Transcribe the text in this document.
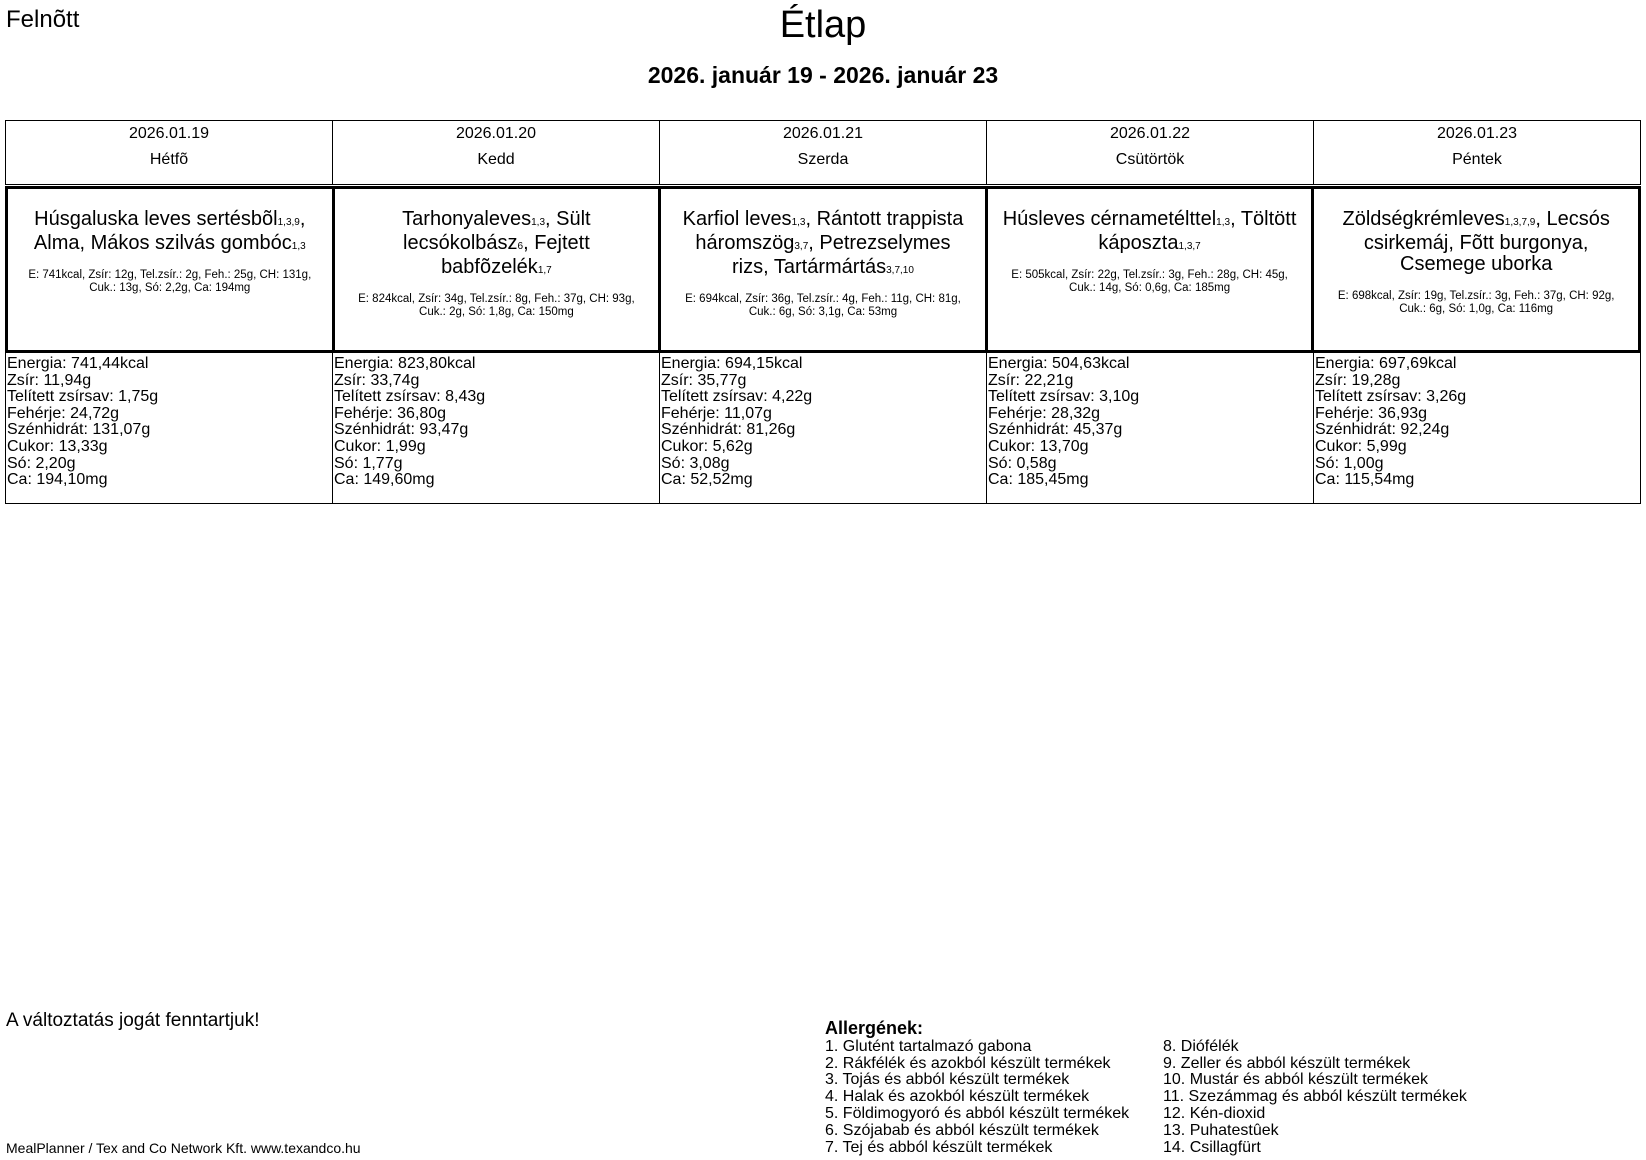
Felnõtt	Étlap
2026. január 19 - 2026. január 23
2026.01.19
Hétfõ
2026.01.20
Kedd
2026.01.21
Szerda
2026.01.22
Csütörtök
2026.01.23
Péntek
Húsgaluska leves sertésbõl1,3,9, Alma, Mákos szilvás gombóc1,3
E: 741kcal, Zsír: 12g, Tel.zsír.: 2g, Feh.: 25g, CH: 131g,
Cuk.: 13g, Só: 2,2g, Ca: 194mg
Tarhonyaleves1,3, Sült lecsókolbász6, Fejtett babfõzelék1,7
E: 824kcal, Zsír: 34g, Tel.zsír.: 8g, Feh.: 37g, CH: 93g,
Cuk.: 2g, Só: 1,8g, Ca: 150mg
Karfiol leves1,3, Rántott trappista háromszög3,7, Petrezselymes rizs, Tartármártás3,7,10
E: 694kcal, Zsír: 36g, Tel.zsír.: 4g, Feh.: 11g, CH: 81g,
Cuk.: 6g, Só: 3,1g, Ca: 53mg
Húsleves cérnametélttel1,3, Töltött káposzta1,3,7
E: 505kcal, Zsír: 22g, Tel.zsír.: 3g, Feh.: 28g, CH: 45g,
Cuk.: 14g, Só: 0,6g, Ca: 185mg
Zöldségkrémleves1,3,7,9, Lecsós csirkemáj, Fõtt burgonya, Csemege uborka
E: 698kcal, Zsír: 19g, Tel.zsír.: 3g, Feh.: 37g, CH: 92g,
Cuk.: 6g, Só: 1,0g, Ca: 116mg
Energia: 741,44kcal
Zsír: 11,94g
Telített zsírsav: 1,75g
Fehérje: 24,72g
Szénhidrát: 131,07g
Cukor: 13,33g
Só: 2,20g
Ca: 194,10mg
Energia: 823,80kcal
Zsír: 33,74g
Telített zsírsav: 8,43g
Fehérje: 36,80g
Szénhidrát: 93,47g
Cukor: 1,99g
Só: 1,77g
Ca: 149,60mg
Energia: 694,15kcal
Zsír: 35,77g
Telített zsírsav: 4,22g
Fehérje: 11,07g
Szénhidrát: 81,26g
Cukor: 5,62g
Só: 3,08g
Ca: 52,52mg
Energia: 504,63kcal
Zsír: 22,21g
Telített zsírsav: 3,10g
Fehérje: 28,32g
Szénhidrát: 45,37g
Cukor: 13,70g
Só: 0,58g
Ca: 185,45mg
Energia: 697,69kcal
Zsír: 19,28g
Telített zsírsav: 3,26g
Fehérje: 36,93g
Szénhidrát: 92,24g
Cukor: 5,99g
Só: 1,00g
Ca: 115,54mg
A változtatás jogát fenntartjuk!
MealPlanner / Tex and Co Network Kft. www.texandco.hu
Allergének:
1. Glutént tartalmazó gabona
2. Rákfélék és azokból készült termékek
3. Tojás és abból készült termékek
4. Halak és azokból készült termékek
5. Földimogyoró és abból készült termékek
6. Szójabab és abból készült termékek
7. Tej és abból készült termékek
8. Diófélék
9. Zeller és abból készült termékek
10. Mustár és abból készült termékek
11. Szezámmag és abból készült termékek
12. Kén-dioxid
13. Puhatestûek
14. Csillagfürt
